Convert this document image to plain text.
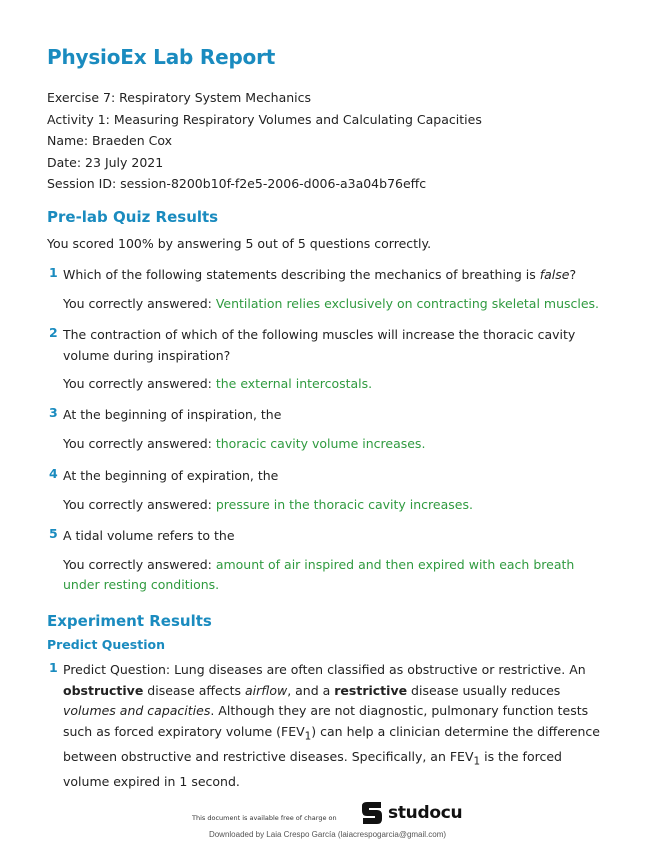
PhysioEx Lab Report
Exercise 7: Respiratory System Mechanics
Activity 1: Measuring Respiratory Volumes and Calculating Capacities
Name: Braeden Cox
Date: 23 July 2021
Session ID: session-8200b10f-f2e5-2006-d006-a3a04b76effc
Pre-lab Quiz Results
You scored 100% by answering 5 out of 5 questions correctly.
1 Which of the following statements describing the mechanics of breathing is false?
You correctly answered: Ventilation relies exclusively on contracting skeletal muscles.
2 The contraction of which of the following muscles will increase the thoracic cavity volume during inspiration?
You correctly answered: the external intercostals.
3 At the beginning of inspiration, the
You correctly answered: thoracic cavity volume increases.
4 At the beginning of expiration, the
You correctly answered: pressure in the thoracic cavity increases.
5 A tidal volume refers to the
You correctly answered: amount of air inspired and then expired with each breath under resting conditions.
Experiment Results
Predict Question
1 Predict Question: Lung diseases are often classified as obstructive or restrictive. An obstructive disease affects airflow, and a restrictive disease usually reduces volumes and capacities. Although they are not diagnostic, pulmonary function tests such as forced expiratory volume $(FEV_1)$ can help a clinician determine the difference between obstructive and restrictive diseases. Specifically, an $FEV_1$ is the forced volume expired in 1 second.
This document is available free of charge on	studocu
Downloaded by Laia Crespo García (laiacrespogarcia@gmail.com)
